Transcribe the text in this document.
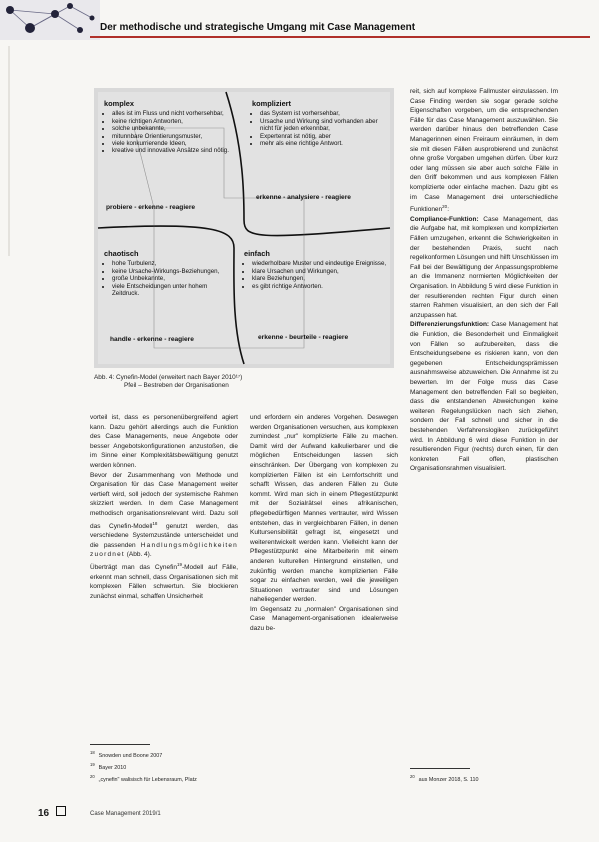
Der methodische und strategische Umgang mit Case Management
komplex
• alles ist im Fluss und nicht vorhersehbar,
• keine richtigen Antworten,
• solche unbekannte,
• mitunnbare Orientierungsmuster,
• viele konkurrierende Ideen,
• kreative und innovative Ansätze sind nötig.
probiere - erkenne - reagiere
kompliziert
• das System ist vorhersehbar,
• Ursache und Wirkung sind vorhanden aber nicht für jeden erkennbar,
• Expertenrat ist nötig, aber
• mehr als eine richtige Antwort.
erkenne - analysiere - reagiere
chaotisch
• hohe Turbulenz,
• keine Ursache-Wirkungs-Beziehungen,
• große Unbekannte,
• viele Entscheidungen unter hohem Zeitdruck.
handle - erkenne - reagiere
einfach
• wiederholbare Muster und eindeutige Ereignisse,
• klare Ursachen und Wirkungen,
• klare Beziehungen,
• es gibt richtige Antworten.
erkenne - beurteile - reagiere
Abb. 4: Cynefin-Model (erweitert nach Bayer 2010¹⁷)
Pfeil – Bestreben der Organisationen

vorteil ist, dass es personenübergreifend agiert kann. Dazu gehört allerdings auch die Funktion des Case Managements, neue Angebote oder besser Angebotskonfigurationen anzustoßen, die im Sinne einer Komplexitätsbewältigung genutzt werden können.

Bevor der Zusammenhang von Methode und Organisation für das Case Management weiter vertieft wird, soll jedoch der systemische Rahmen skizziert werden. In dem Case Management methodisch organisationsrelevant wird. Dazu soll das Cynefin-Modell$^{18}$ genutzt werden, das verschiedene Systemzustände unterscheidet und die passenden Handlungsmöglichkeiten zuordnet (Abb. 4).

Überträgt man das Cynefin$^{19}$-Modell auf Fälle, erkennt man schnell, dass Organisationen sich mit komplexen Fällen schwertun. Sie blockieren zunächst einmal, schaffen Unsicherheit

und erfordern ein anderes Vorgehen. Deswegen werden Organisationen versuchen, aus komplexen zumindest „nur" komplizierte Fälle zu machen. Damit wird der Aufwand kalkulierbarer und die möglichen Entscheidungen lassen sich einschränken. Der Übergang von komplexen zu komplizierten Fällen ist ein Lernfortschritt und schafft Wissen, das anderen Fällen zu Gute kommt. Wird man sich in einem Pflegestützpunkt mit der Sozialrätsel eines afrikanischen, pflegebedürftigen Mannes vertrauter, wird Wissen entstehen, das in vergleichbaren Fällen, in denen Kultursensibilität gefragt ist, eingesetzt und weiterentwickelt werden kann. Vielleicht kann der Pflegestützpunkt eine Mitarbeiterin mit einem anderen kulturellen Hintergrund einstellen, und zukünftig werden manche komplizierten Fälle sogar zu einfachen werden, weil die jeweiligen Situationen vertrauter sind und Lösungen naheliegender werden.

Im Gegensatz zu „normalen" Organisationen sind Case Management-organisationen idealerweise dazu be-

reit, sich auf komplexe Fallmuster einzulassen. Im Case Finding werden sie sogar gerade solche Eigenschaften vorgeben, um die entsprechenden Fälle für das Case Management auszuwählen. Sie werden darüber hinaus den betreffenden Case Managerinnen einen Freiraum einräumen, in dem sie mit diesen Fällen ausprobierend und zunächst ohne große Vorgaben umgehen dürfen. Über kurz oder lang müssen sie aber auch solche Fälle in den Griff bekommen und aus komplexen Fällen komplizierte oder einfache machen. Dazu gibt es im Case Management drei unterschiedliche Funktionen$^{20}$:

Compliance-Funktion: Case Management, das die Aufgabe hat, mit komplexen und komplizierten Fällen umzugehen, erkennt die Schwierigkeiten in der bestehenden Praxis, sucht nach regelkonformen Lösungen und hilft Unschlüssen im Fall bei der Bewältigung der Anpassungsprobleme an die Immanenz normierten Möglichkeiten der Organisation. In Abbildung 5 wird diese Funktion in der resultierenden rechten Figur durch einen starren Rahmen visualisiert, an den sich der Fall anzupassen hat.

Differenzierungsfunktion: Case Management hat die Funktion, die Besonderheit und Einmaligkeit von Fällen so aufzubereiten, dass die Entscheidungsebene es riskieren kann, von den gegebenen Entscheidungsprämissen ausnahmsweise abzuweichen. Die Annahme ist zu bewerten. Im der Folge muss das Case Management den betreffenden Fall so begleiten, dass die entstandenen Abweichungen keine weiteren Regelungslücken nach sich ziehen, sondern der Fall schnell und sicher in die bestehenden Verfahrenslogiken zurückgeführt wird. In Abbildung 6 wird diese Funktion in der resultierenden Figur (rechts) durch einen, für den konkreten Fall offen, plastischen Organisationsrahmen visualisiert.

$^{18}$Snowden und Boone 2007
$^{19}$Bayer 2010
$^{20}$„cynefin" walisisch für Lebensraum, Platz
$^{20}$aus Monzer 2018, S. 110
16	Case Management 2019/1
